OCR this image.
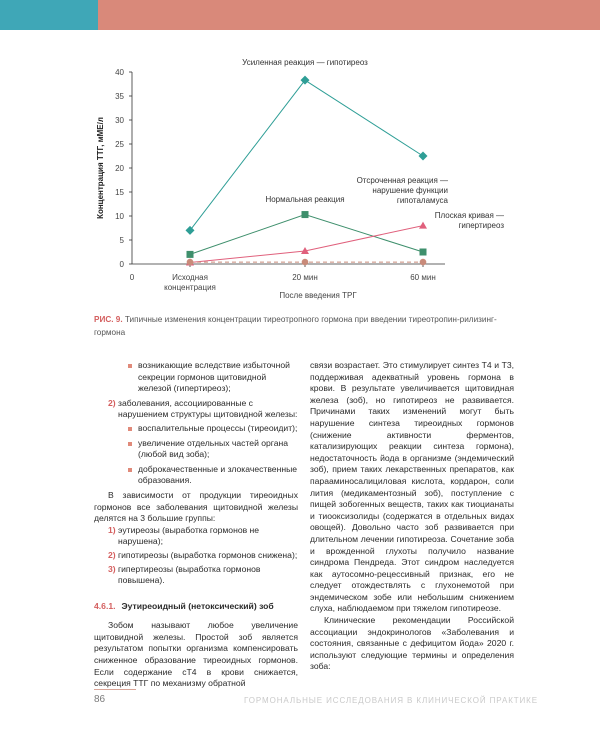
0
5
10
15
20
25
30
35
40
0	Исходная
концентрация
20 мин	60 мин
После введения ТРГ
Концентрация ТТГ, мМЕ/л
Усиленная реакция — гипотиреоз
Нормальная реакция
Отсроченная реакция —
нарушение функции
гипоталамуса
Плоская кривая —
гипертиреоз
РИС. 9. Типичные изменения концентрации тиреотропного гормона при введении тиреотропин-рилизинг-гормона
возникающие вследствие избыточной секреции гормонов щитовидной железой (гипертиреоз);
2) заболевания, ассоциированные с нарушением структуры щитовидной железы:
воспалительные процессы (тиреоидит);
увеличение отдельных частей органа (любой вид зоба);
доброкачественные и злокачественные образования.

В зависимости от продукции тиреоидных гормонов все заболевания щитовидной железы делятся на 3 большие группы:

1) эутиреозы (выработка гормонов не нарушена);
2) гипотиреозы (выработка гормонов снижена);
3) гипертиреозы (выработка гормонов повышена).
4.6.1. Эутиреоидный (нетоксический) зоб

Зобом называют любое увеличение щитовидной железы. Простой зоб является результатом попытки организма компенсировать сниженное образование тиреоидных гормонов. Если содержание сТ4 в крови снижается, секреция ТТГ по механизму обратной

связи возрастает. Это стимулирует синтез Т4 и Т3, поддерживая адекватный уровень гормона в крови. В результате увеличивается щитовидная железа (зоб), но гипотиреоз не развивается. Причинами таких изменений могут быть нарушение синтеза тиреоидных гормонов (снижение активности ферментов, катализирующих реакции синтеза гормона), недостаточность йода в организме (эндемический зоб), прием таких лекарственных препаратов, как парааминосалициловая кислота, кордарон, соли лития (медикаментозный зоб), поступление с пищей зобогенных веществ, таких как тиоцианаты и тиооксизолиды (содержатся в отдельных видах овощей). Довольно часто зоб развивается при длительном лечении гипотиреоза. Сочетание зоба и врожденной глухоты получило название синдрома Пендреда. Этот синдром наследуется как аутосомно-рецессивный признак, его не следует отождествлять с глухонемотой при эндемическом зобе или небольшим снижением слуха, наблюдаемом при тяжелом гипотиреозе.

Клинические рекомендации Российской ассоциации эндокринологов «Заболевания и состояния, связанные с дефицитом йода» 2020 г. используют следующие термины и определения зоба:

86	ГОРМОНАЛЬНЫЕ ИССЛЕДОВАНИЯ В КЛИНИЧЕСКОЙ ПРАКТИКЕ
